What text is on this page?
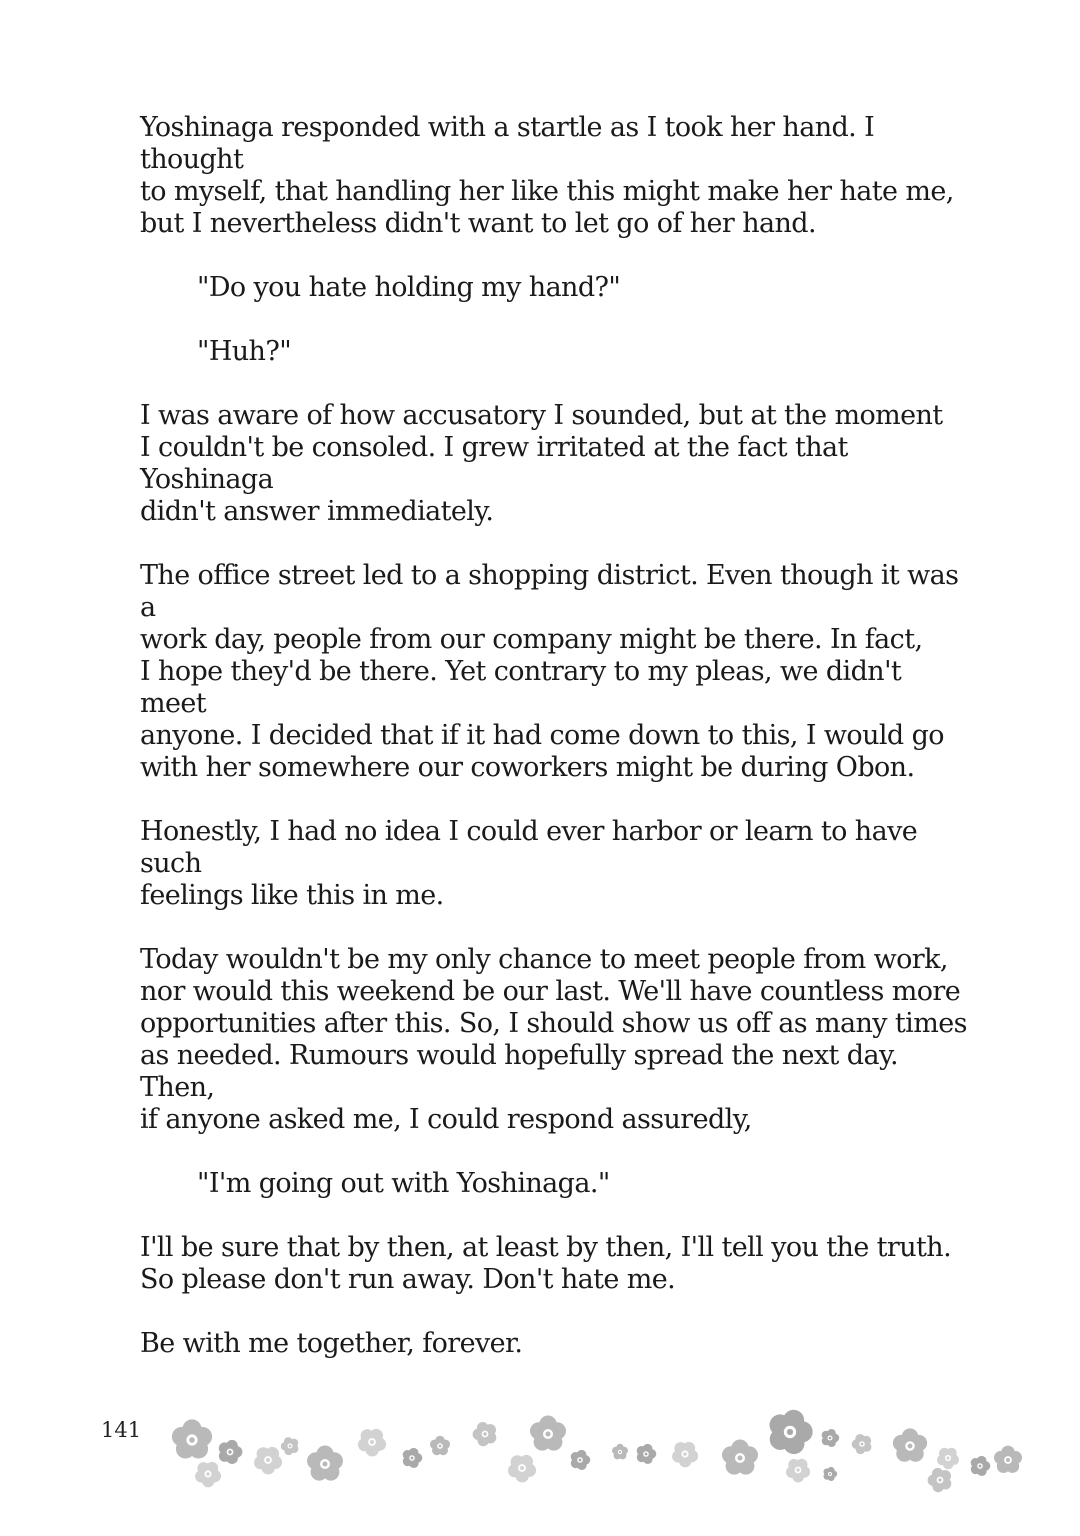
Yoshinaga responded with a startle as I took her hand. I thought
to myself, that handling her like this might make her hate me,
but I nevertheless didn't want to let go of her hand.

"Do you hate holding my hand?"

"Huh?"

I was aware of how accusatory I sounded, but at the moment
I couldn't be consoled. I grew irritated at the fact that Yoshinaga
didn't answer immediately.

The office street led to a shopping district. Even though it was a
work day, people from our company might be there. In fact,
I hope they'd be there. Yet contrary to my pleas, we didn't meet
anyone. I decided that if it had come down to this, I would go
with her somewhere our coworkers might be during Obon.

Honestly, I had no idea I could ever harbor or learn to have such
feelings like this in me.

Today wouldn't be my only chance to meet people from work,
nor would this weekend be our last. We'll have countless more
opportunities after this. So, I should show us off as many times
as needed. Rumours would hopefully spread the next day. Then,
if anyone asked me, I could respond assuredly,

"I'm going out with Yoshinaga."

I'll be sure that by then, at least by then, I'll tell you the truth.
So please don't run away. Don't hate me.

Be with me together, forever.

141
